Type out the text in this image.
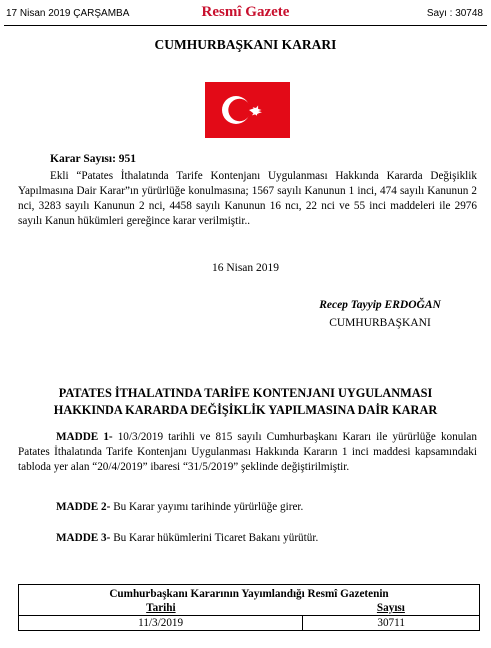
17 Nisan 2019 ÇARŞAMBA	Resmî Gazete	Sayı : 30748
CUMHURBAŞKANI KARARI
Karar Sayısı: 951
Ekli “Patates İthalatında Tarife Kontenjanı Uygulanması Hakkında Kararda Değişiklik Yapılmasına Dair Karar”ın yürürlüğe konulmasına; 1567 sayılı Kanunun 1 inci, 474 sayılı Kanunun 2 nci, 3283 sayılı Kanunun 2 nci, 4458 sayılı Kanunun 16 ncı, 22 nci ve 55 inci maddeleri ile 2976 sayılı Kanun hükümleri gereğince karar verilmiştir..
16 Nisan 2019
Recep Tayyip ERDOĞAN
CUMHURBAŞKANI
PATATES İTHALATINDA TARİFE KONTENJANI UYGULANMASI
HAKKINDA KARARDA DEĞİŞİKLİK YAPILMASINA DAİR KARAR
MADDE 1- 10/3/2019 tarihli ve 815 sayılı Cumhurbaşkanı Kararı ile yürürlüğe konulan Patates İthalatında Tarife Kontenjanı Uygulanması Hakkında Kararın 1 inci maddesi kapsamındaki tabloda yer alan “20/4/2019” ibaresi “31/5/2019” şeklinde değiştirilmiştir.
MADDE 2- Bu Karar yayımı tarihinde yürürlüğe girer.
MADDE 3- Bu Karar hükümlerini Ticaret Bakanı yürütür.
Cumhurbaşkanı Kararının Yayımlandığı Resmî Gazetenin	
Tarihi	Sayısı
11/3/2019	30711
